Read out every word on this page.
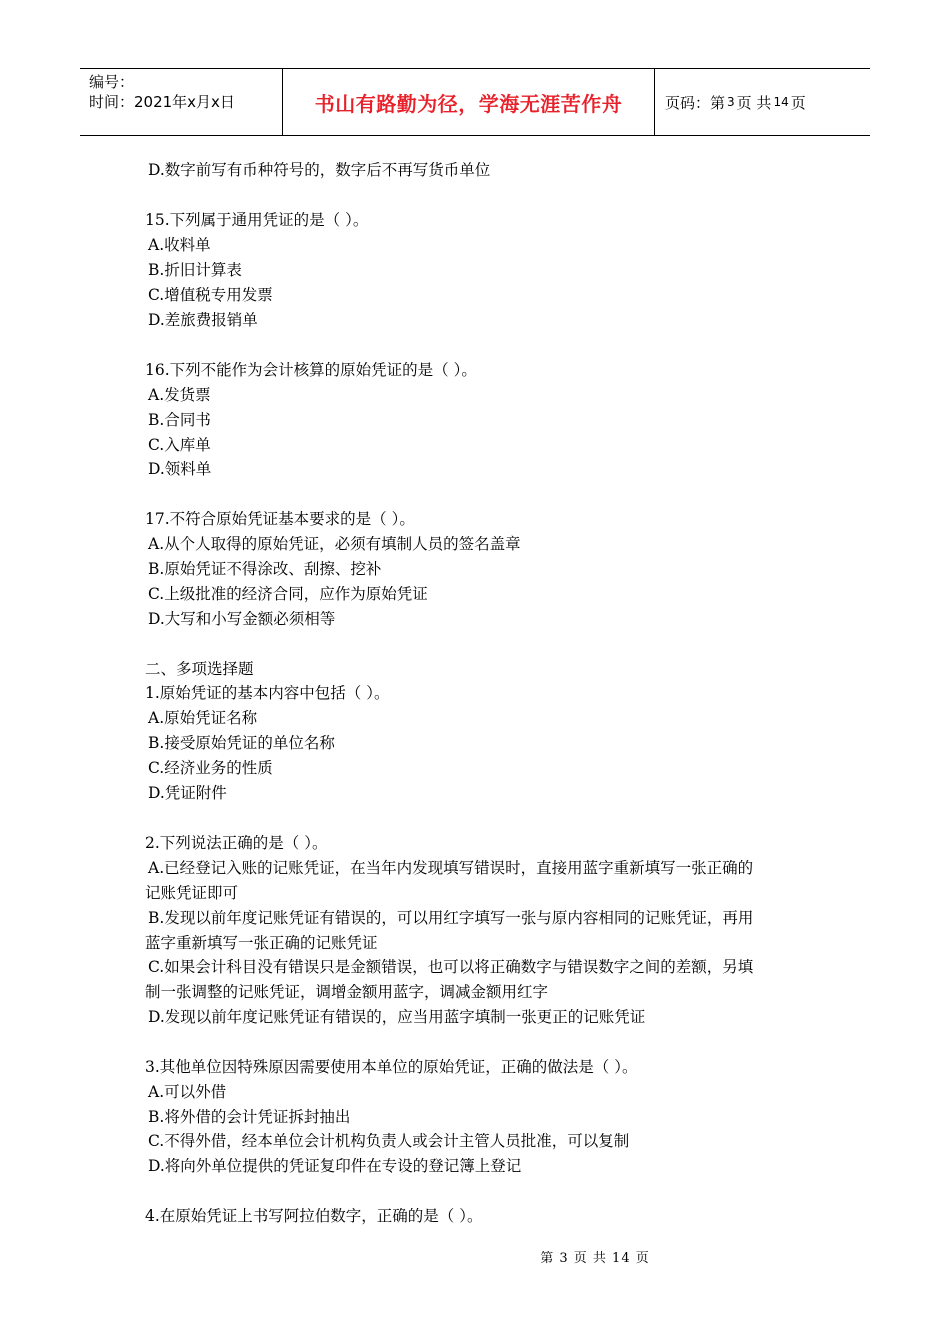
编号：
时间：2021年x月x日	书山有路勤为径，学海无涯苦作舟	页码：第 3 页 共 14 页
D.数字前写有币种符号的，数字后不再写货币单位
15.下列属于通用凭证的是（ ）。
A.收料单
B.折旧计算表
C.增值税专用发票
D.差旅费报销单
16.下列不能作为会计核算的原始凭证的是（ ）。
A.发货票
B.合同书
C.入库单
D.领料单
17.不符合原始凭证基本要求的是（ ）。
A.从个人取得的原始凭证，必须有填制人员的签名盖章
B.原始凭证不得涂改、刮擦、挖补
C.上级批准的经济合同，应作为原始凭证
D.大写和小写金额必须相等
二、多项选择题
1.原始凭证的基本内容中包括（ ）。
A.原始凭证名称
B.接受原始凭证的单位名称
C.经济业务的性质
D.凭证附件
2.下列说法正确的是（ ）。
A.已经登记入账的记账凭证，在当年内发现填写错误时，直接用蓝字重新填写一张正确的
记账凭证即可
B.发现以前年度记账凭证有错误的，可以用红字填写一张与原内容相同的记账凭证，再用
蓝字重新填写一张正确的记账凭证
C.如果会计科目没有错误只是金额错误，也可以将正确数字与错误数字之间的差额，另填
制一张调整的记账凭证，调增金额用蓝字，调减金额用红字
D.发现以前年度记账凭证有错误的，应当用蓝字填制一张更正的记账凭证
3.其他单位因特殊原因需要使用本单位的原始凭证，正确的做法是（ ）。
A.可以外借
B.将外借的会计凭证拆封抽出
C.不得外借，经本单位会计机构负责人或会计主管人员批准，可以复制
D.将向外单位提供的凭证复印件在专设的登记簿上登记
4.在原始凭证上书写阿拉伯数字，正确的是（ ）。
第 3 页 共 14 页
